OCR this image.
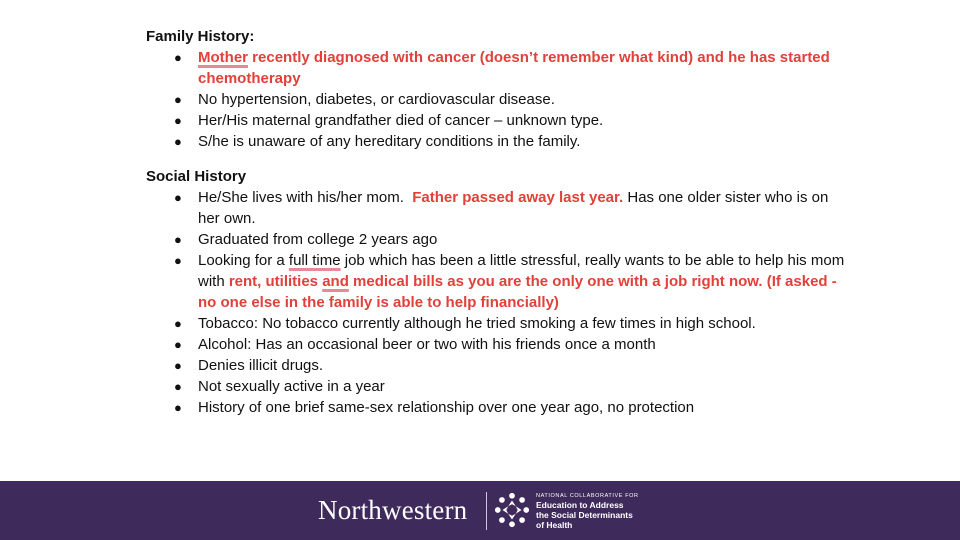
Family History:
● Mother recently diagnosed with cancer (doesn’t remember what kind) and he has started chemotherapy
● No hypertension, diabetes, or cardiovascular disease.
● Her/His maternal grandfather died of cancer – unknown type.
● S/he is unaware of any hereditary conditions in the family.
Social History
● He/She lives with his/her mom.  Father passed away last year. Has one older sister who is on her own.
● Graduated from college 2 years ago
● Looking for a full time job which has been a little stressful, really wants to be able to help his mom with rent, utilities and medical bills as you are the only one with a job right now. (If asked - no one else in the family is able to help financially)
● Tobacco: No tobacco currently although he tried smoking a few times in high school.
● Alcohol: Has an occasional beer or two with his friends once a month
● Denies illicit drugs.
● Not sexually active in a year
● History of one brief same-sex relationship over one year ago, no protection
Northwestern	NATIONAL COLLABORATIVE FOR
Education to Address
the Social Determinants
of Health
